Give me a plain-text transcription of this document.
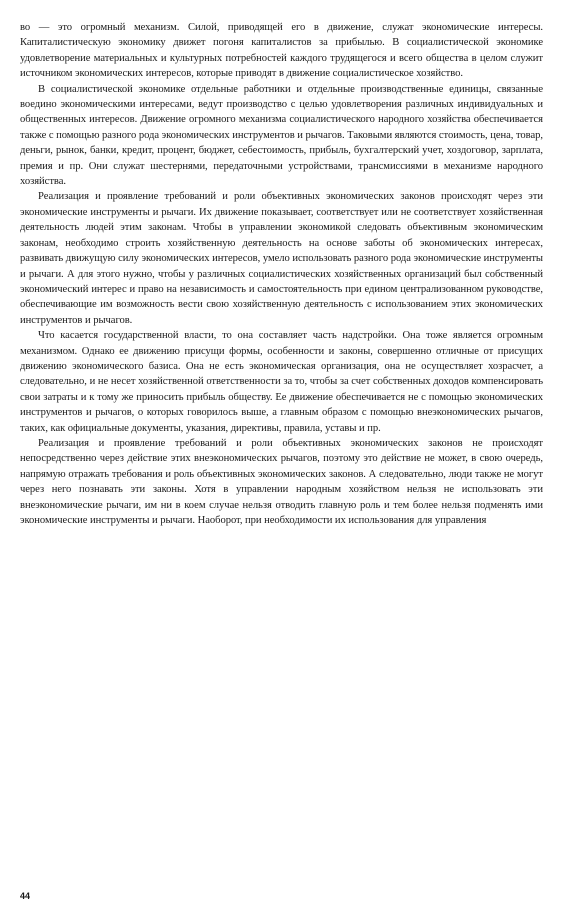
во — это огромный механизм. Силой, приводящей его в движение, служат экономические интересы. Капиталистическую экономику движет погоня капиталистов за прибылью. В социалистической экономике удовлетворение материальных и культурных потребностей каждого трудящегося и всего общества в целом служит источником экономических интересов, которые приводят в движение социалистическое хозяйство.

В социалистической экономике отдельные работники и отдельные производственные единицы, связанные воедино экономическими интересами, ведут производство с целью удовлетворения различных индивидуальных и общественных интересов. Движение огромного механизма социалистического народного хозяйства обеспечивается также с помощью разного рода экономических инструментов и рычагов. Таковыми являются стоимость, цена, товар, деньги, рынок, банки, кредит, процент, бюджет, себестоимость, прибыль, бухгалтерский учет, хоздоговор, зарплата, премия и пр. Они служат шестернями, передаточными устройствами, трансмиссиями в механизме народного хозяйства.

Реализация и проявление требований и роли объективных экономических законов происходят через эти экономические инструменты и рычаги. Их движение показывает, соответствует или не соответствует хозяйственная деятельность людей этим законам. Чтобы в управлении экономикой следовать объективным экономическим законам, необходимо строить хозяйственную деятельность на основе заботы об экономических интересах, развивать движущую силу экономических интересов, умело использовать разного рода экономические инструменты и рычаги. А для этого нужно, чтобы у различных социалистических хозяйственных организаций был собственный экономический интерес и право на независимость и самостоятельность при едином централизованном руководстве, обеспечивающие им возможность вести свою хозяйственную деятельность с использованием этих экономических инструментов и рычагов.

Что касается государственной власти, то она составляет часть надстройки. Она тоже является огромным механизмом. Однако ее движению присущи формы, особенности и законы, совершенно отличные от присущих движению экономического базиса. Она не есть экономическая организация, она не осуществляет хозрасчет, а следовательно, и не несет хозяйственной ответственности за то, чтобы за счет собственных доходов компенсировать свои затраты и к тому же приносить прибыль обществу. Ее движение обеспечивается не с помощью экономических инструментов и рычагов, о которых говорилось выше, а главным образом с помощью внеэкономических рычагов, таких, как официальные документы, указания, директивы, правила, уставы и пр.

Реализация и проявление требований и роли объективных экономических законов не происходят непосредственно через действие этих внеэкономических рычагов, поэтому это действие не может, в свою очередь, напрямую отражать требования и роль объективных экономических законов. А следовательно, люди также не могут через него познавать эти законы. Хотя в управлении народным хозяйством нельзя не использовать эти внеэкономические рычаги, им ни в коем случае нельзя отводить главную роль и тем более нельзя подменять ими экономические инструменты и рычаги. Наоборот, при необходимости их использования для управления

44
